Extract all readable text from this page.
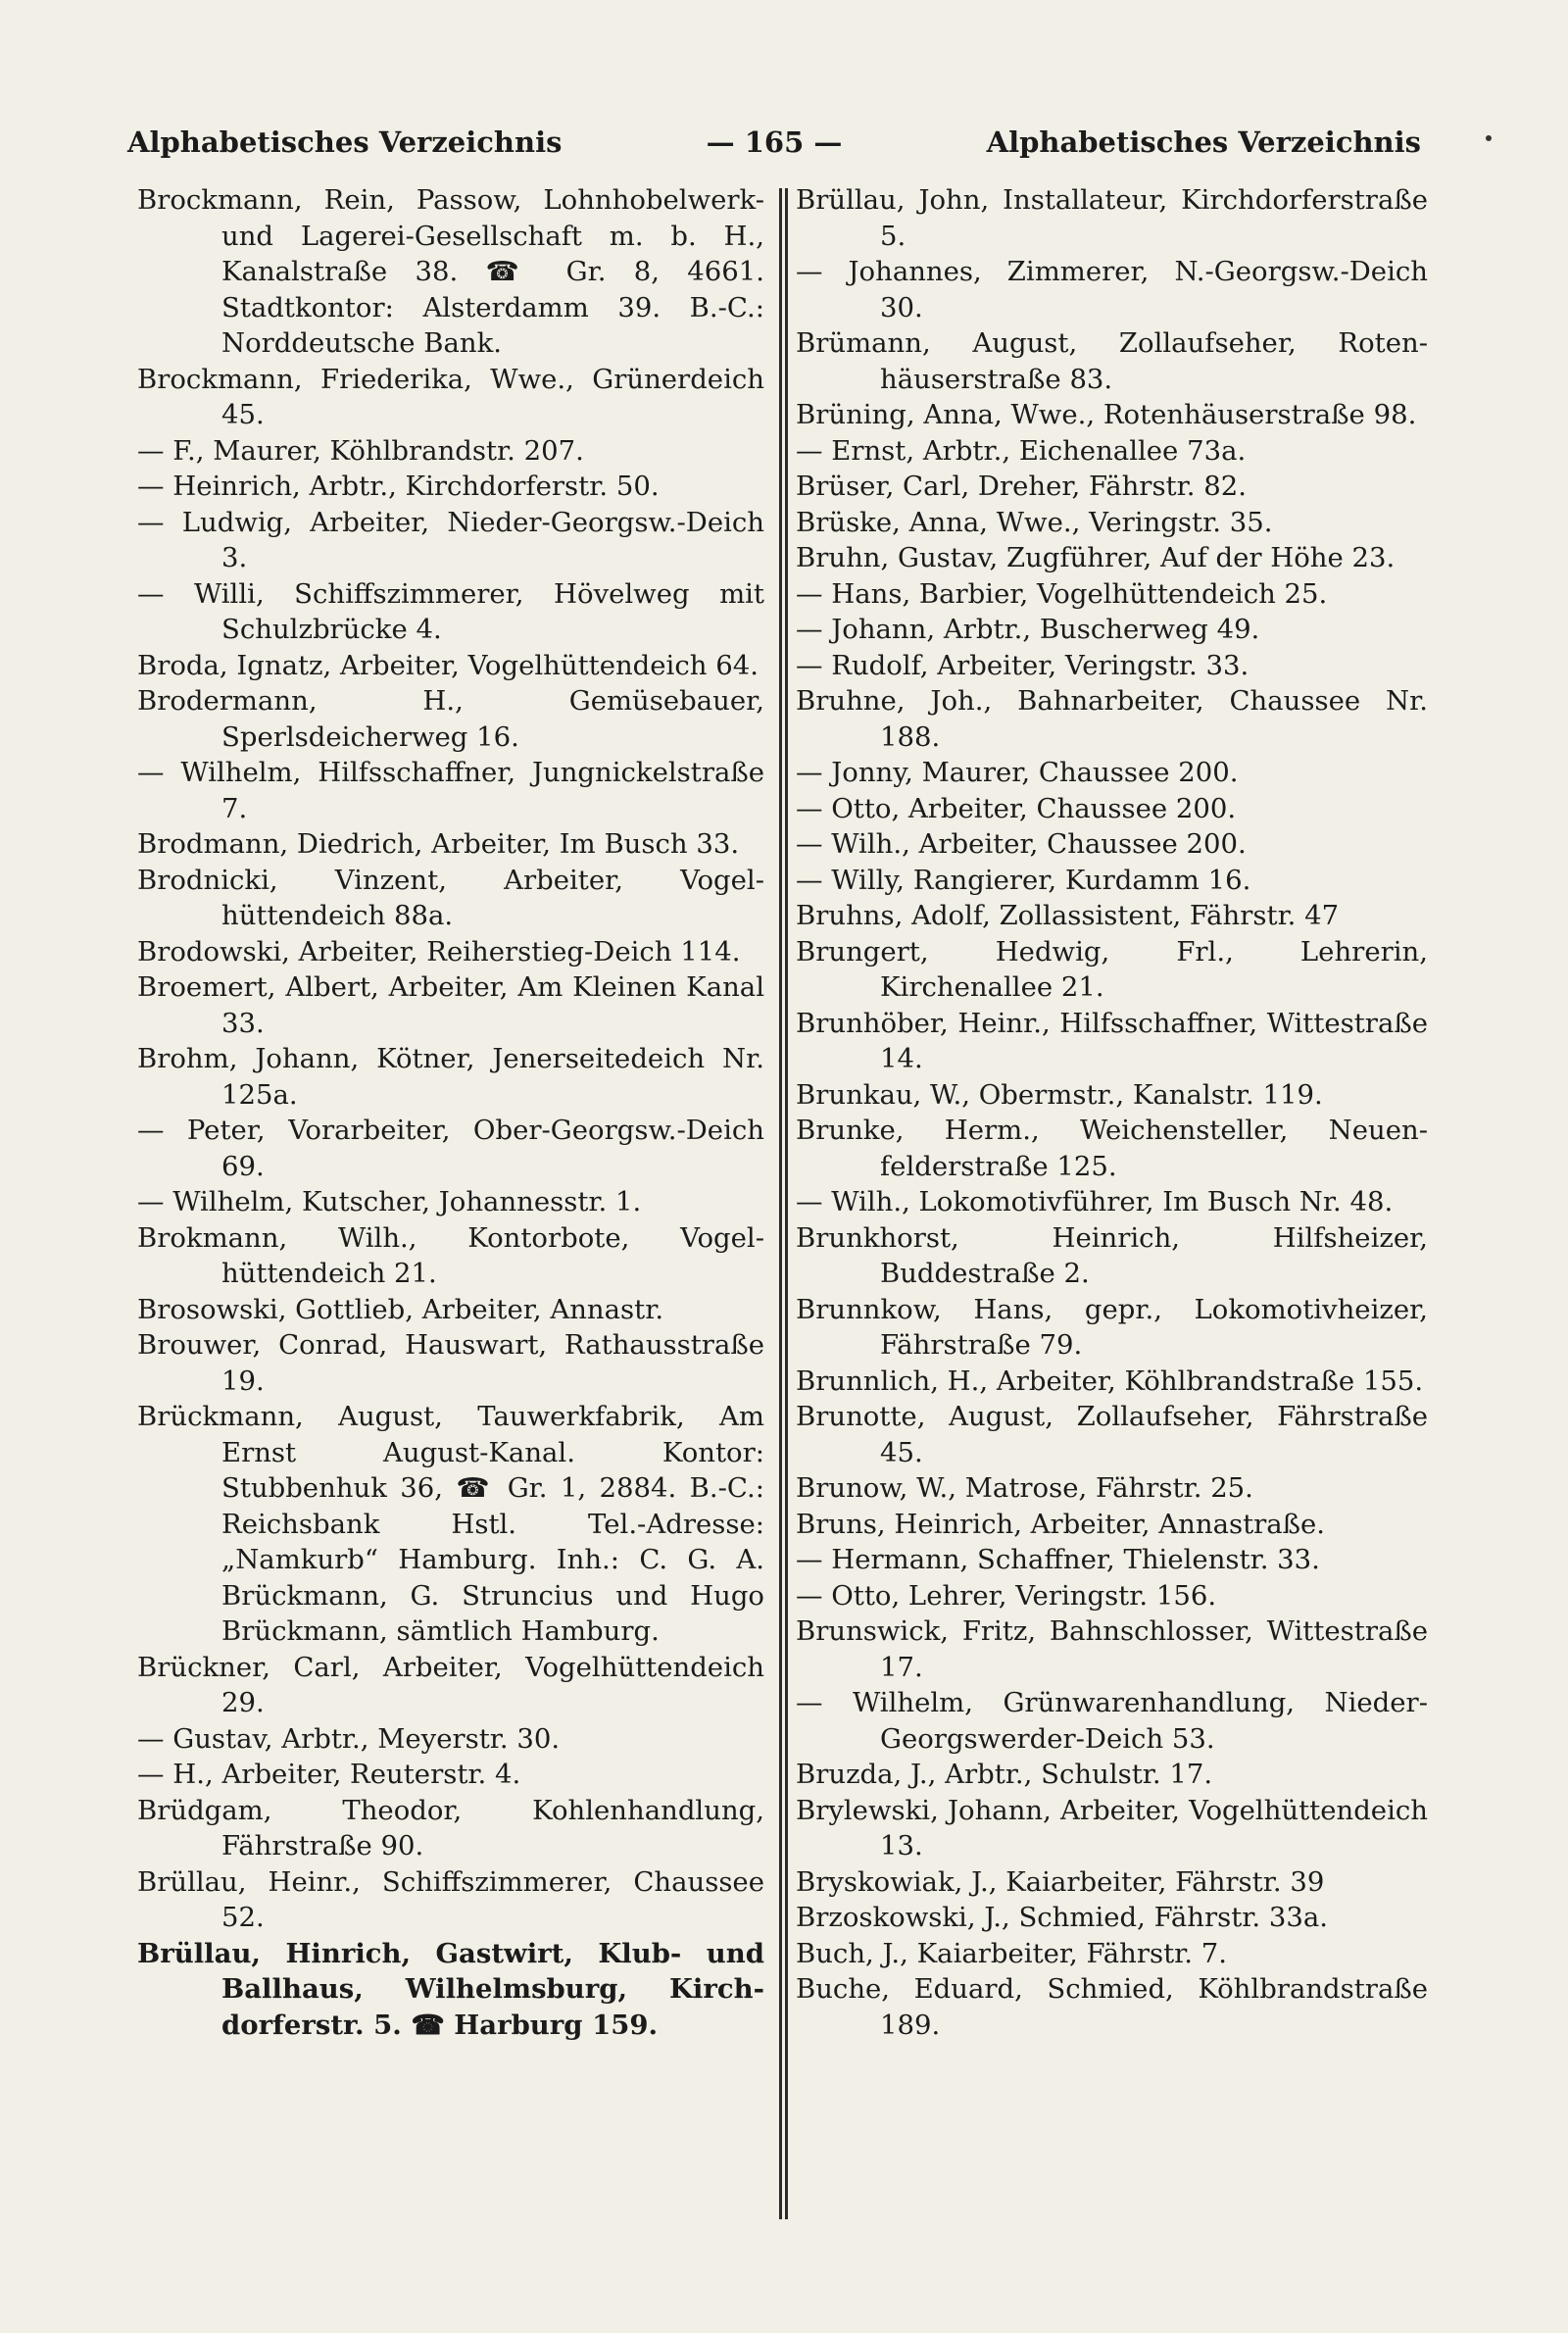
Alphabetisches Verzeichnis	— 165 —	Alphabetisches Verzeichnis

Brockmann, Rein, Passow, Lohnhobelwerk- und Lagerei-Gesellschaft m. b. H., Kanalstraße 38. ☎ Gr. 8, 4661. Stadtkontor: Alsterdamm 39. B.-C.: Norddeutsche Bank.

Brockmann, Friederika, Wwe., Grünerdeich 45.

— F., Maurer, Köhlbrandstr. 207.

— Heinrich, Arbtr., Kirchdorferstr. 50.

— Ludwig, Arbeiter, Nieder-Georgsw.-Deich 3.

— Willi, Schiffszimmerer, Hövelweg mit Schulzbrücke 4.

Broda, Ignatz, Arbeiter, Vogelhüttendeich 64.

Brodermann, H., Gemüsebauer, Sperlsdeicherweg 16.

— Wilhelm, Hilfsschaffner, Jungnickelstraße 7.

Brodmann, Diedrich, Arbeiter, Im Busch 33.

Brodnicki, Vinzent, Arbeiter, Vogelhüttendeich 88a.

Brodowski, Arbeiter, Reiherstieg-Deich 114.

Broemert, Albert, Arbeiter, Am Kleinen Kanal 33.

Brohm, Johann, Kötner, Jenerseitedeich Nr. 125a.

— Peter, Vorarbeiter, Ober-Georgsw.-Deich 69.

— Wilhelm, Kutscher, Johannesstr. 1.

Brokmann, Wilh., Kontorbote, Vogelhüttendeich 21.

Brosowski, Gottlieb, Arbeiter, Annastr.

Brouwer, Conrad, Hauswart, Rathausstraße 19.

Brückmann, August, Tauwerkfabrik, Am Ernst August-Kanal. Kontor: Stubbenhuk 36, ☎ Gr. 1, 2884. B.-C.: Reichsbank Hstl. Tel.-Adresse: „Namkurb“ Hamburg. Inh.: C. G. A. Brückmann, G. Struncius und Hugo Brückmann, sämtlich Hamburg.

Brückner, Carl, Arbeiter, Vogelhüttendeich 29.

— Gustav, Arbtr., Meyerstr. 30.

— H., Arbeiter, Reuterstr. 4.

Brüdgam, Theodor, Kohlenhandlung, Fährstraße 90.

Brüllau, Heinr., Schiffszimmerer, Chaussee 52.

Brüllau, Hinrich, Gastwirt, Klub- und Ballhaus, Wilhelmsburg, Kirchdorferstr. 5. ☎ Harburg 159.

Brüllau, John, Installateur, Kirchdorferstraße 5.

— Johannes, Zimmerer, N.-Georgsw.-Deich 30.

Brümann, August, Zollaufseher, Rotenhäuserstraße 83.

Brüning, Anna, Wwe., Rotenhäuserstraße 98.

— Ernst, Arbtr., Eichenallee 73a.

Brüser, Carl, Dreher, Fährstr. 82.

Brüske, Anna, Wwe., Veringstr. 35.

Bruhn, Gustav, Zugführer, Auf der Höhe 23.

— Hans, Barbier, Vogelhüttendeich 25.

— Johann, Arbtr., Buscherweg 49.

— Rudolf, Arbeiter, Veringstr. 33.

Bruhne, Joh., Bahnarbeiter, Chaussee Nr. 188.

— Jonny, Maurer, Chaussee 200.

— Otto, Arbeiter, Chaussee 200.

— Wilh., Arbeiter, Chaussee 200.

— Willy, Rangierer, Kurdamm 16.

Bruhns, Adolf, Zollassistent, Fährstr. 47

Brungert, Hedwig, Frl., Lehrerin, Kirchenallee 21.

Brunhöber, Heinr., Hilfsschaffner, Wittestraße 14.

Brunkau, W., Obermstr., Kanalstr. 119.

Brunke, Herm., Weichensteller, Neuenfelderstraße 125.

— Wilh., Lokomotivführer, Im Busch Nr. 48.

Brunkhorst, Heinrich, Hilfsheizer, Buddestraße 2.

Brunnkow, Hans, gepr., Lokomotivheizer, Fährstraße 79.

Brunnlich, H., Arbeiter, Köhlbrandstraße 155.

Brunotte, August, Zollaufseher, Fährstraße 45.

Brunow, W., Matrose, Fährstr. 25.

Bruns, Heinrich, Arbeiter, Annastraße.

— Hermann, Schaffner, Thielenstr. 33.

— Otto, Lehrer, Veringstr. 156.

Brunswick, Fritz, Bahnschlosser, Wittestraße 17.

— Wilhelm, Grünwarenhandlung, Nieder-Georgswerder-Deich 53.

Bruzda, J., Arbtr., Schulstr. 17.

Brylewski, Johann, Arbeiter, Vogelhüttendeich 13.

Bryskowiak, J., Kaiarbeiter, Fährstr. 39

Brzoskowski, J., Schmied, Fährstr. 33a.

Buch, J., Kaiarbeiter, Fährstr. 7.

Buche, Eduard, Schmied, Köhlbrandstraße 189.
